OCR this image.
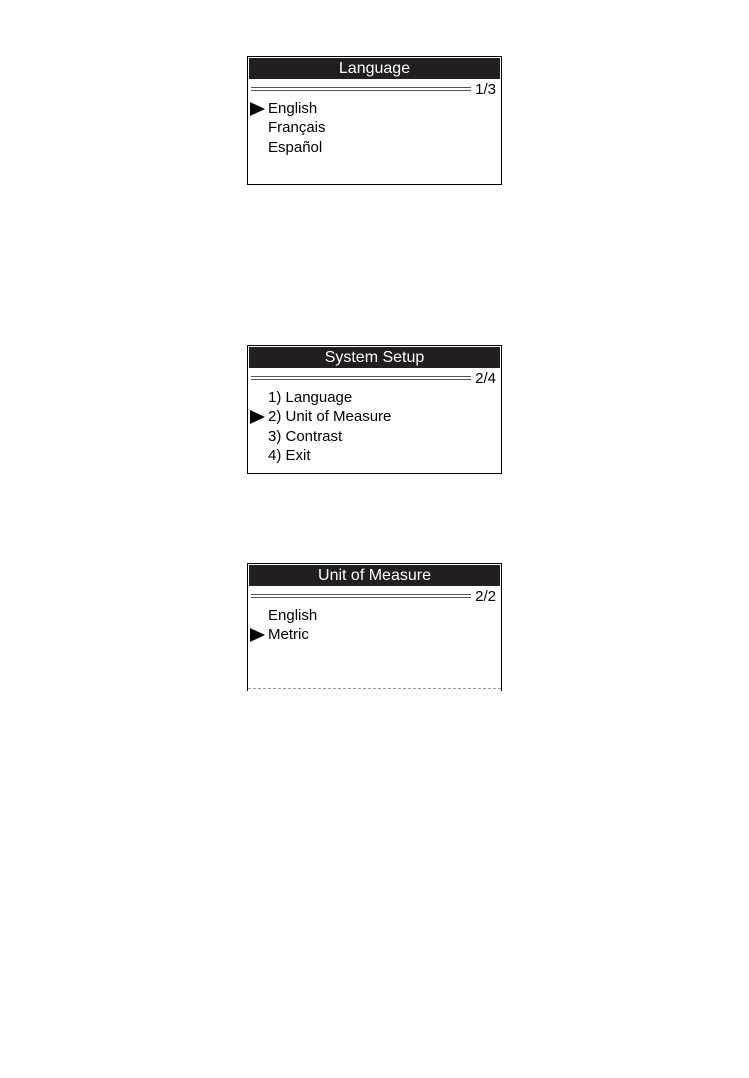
Language
1/3
English
Français
Español
System Setup
2/4
1) Language
2) Unit of Measure
3) Contrast
4) Exit
Unit of Measure
2/2
English
Metric
